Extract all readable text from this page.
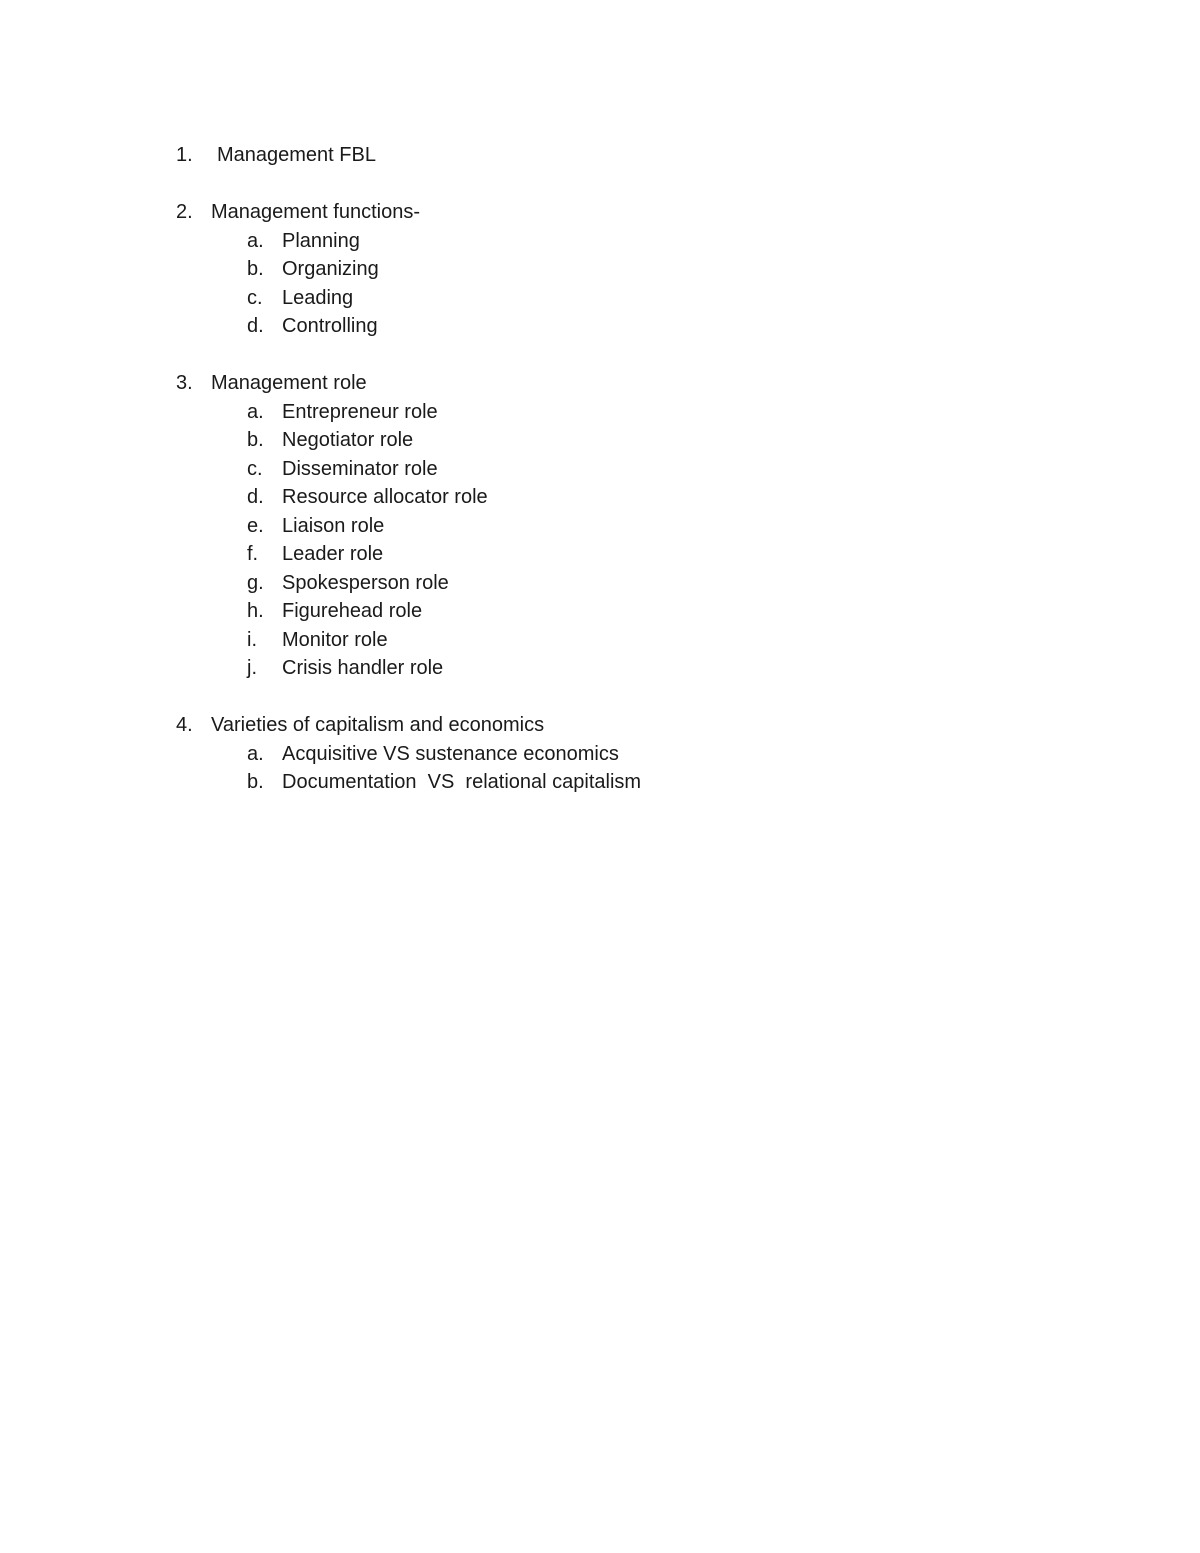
1.	Management FBL
2. Management functions-
a. Planning
b. Organizing
c. Leading
d. Controlling
3. Management role
a. Entrepreneur role
b. Negotiator role
c. Disseminator role
d. Resource allocator role
e. Liaison role
f.	Leader role
g. Spokesperson role
h. Figurehead role
i.	Monitor role
j.	Crisis handler role
4. Varieties of capitalism and economics
a. Acquisitive VS sustenance economics
b. Documentation  VS  relational capitalism
